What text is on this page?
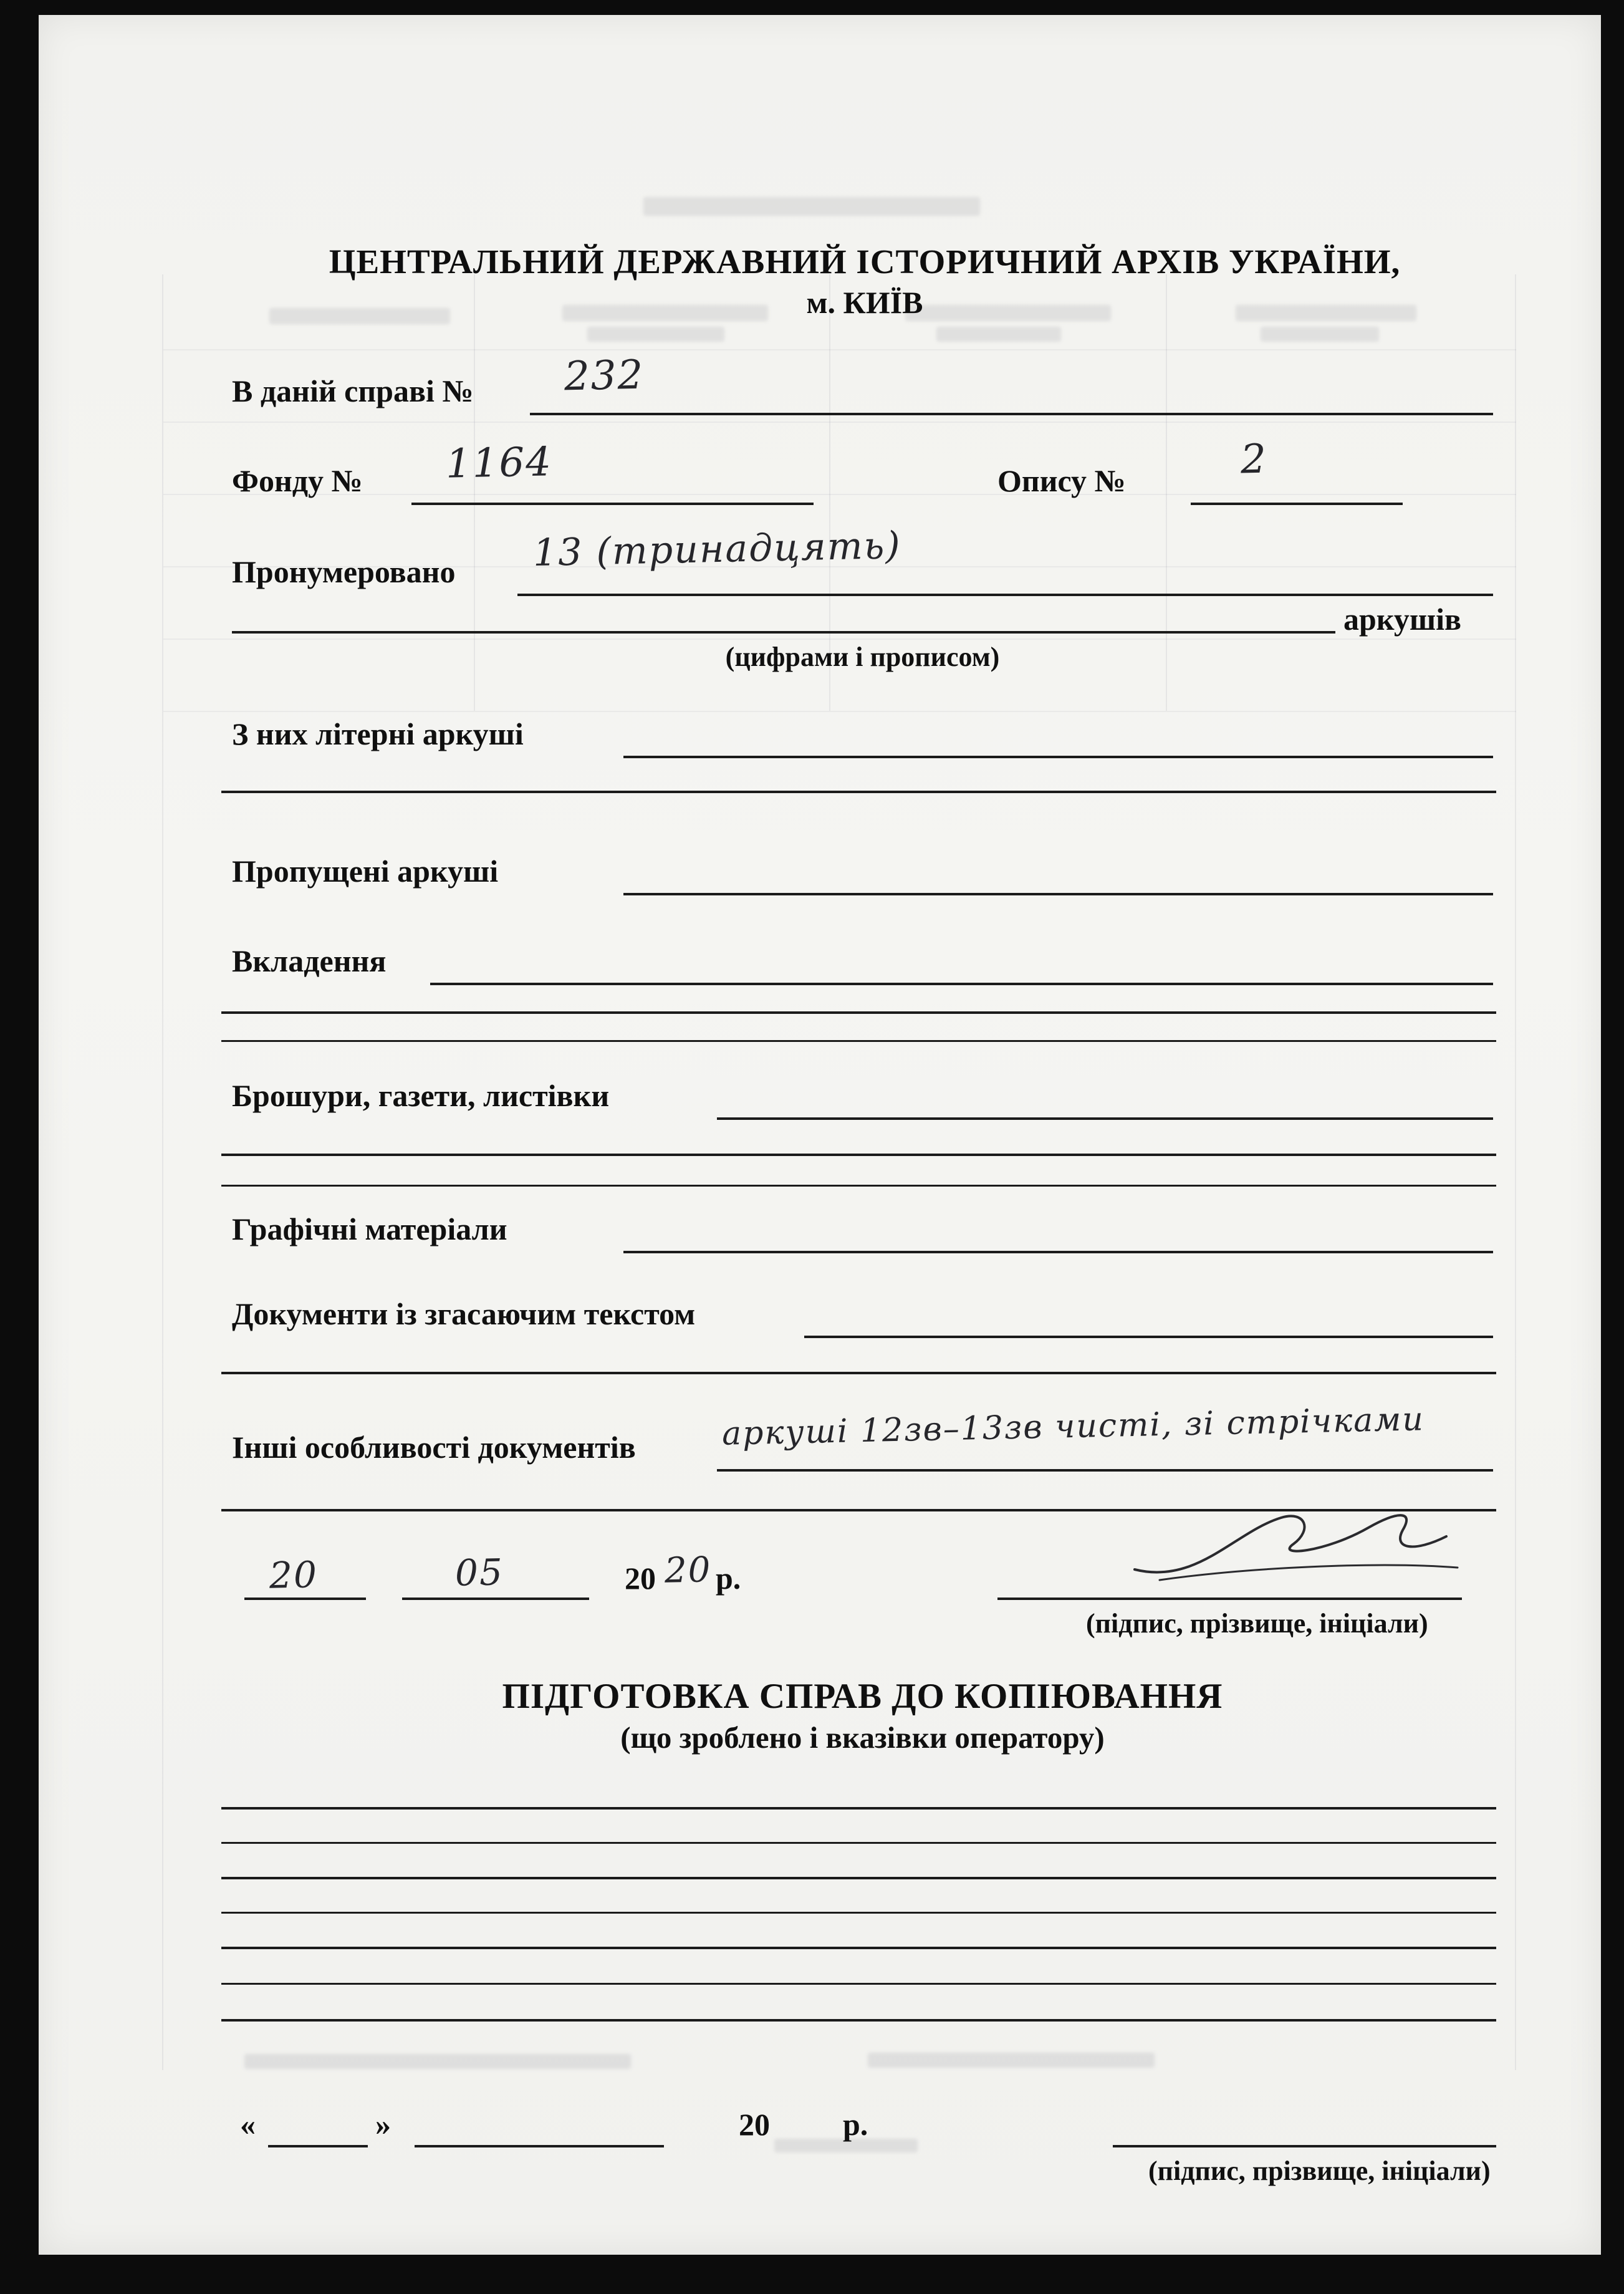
ЦЕНТРАЛЬНИЙ ДЕРЖАВНИЙ ІСТОРИЧНИЙ АРХІВ УКРАЇНИ,
м. КИЇВ
В даній справі № 232
Фонду № 1164	Опису №	2
Пронумеровано 13 (тринадцять)
аркушів
(цифрами і прописом)
З них літерні аркуші
Пропущені аркуші
Вкладення
Брошури, газети, листівки
Графічні матеріали
Документи із згасаючим текстом
Інші особливості документів	аркуші 12зв–13зв чисті, зі стрічками
20	05	20 20 р.
(підпис, прізвище, ініціали)
ПІДГОТОВКА СПРАВ ДО КОПІЮВАННЯ
(що зроблено і вказівки оператору)
«	»	20 р.
(підпис, прізвище, ініціали)
